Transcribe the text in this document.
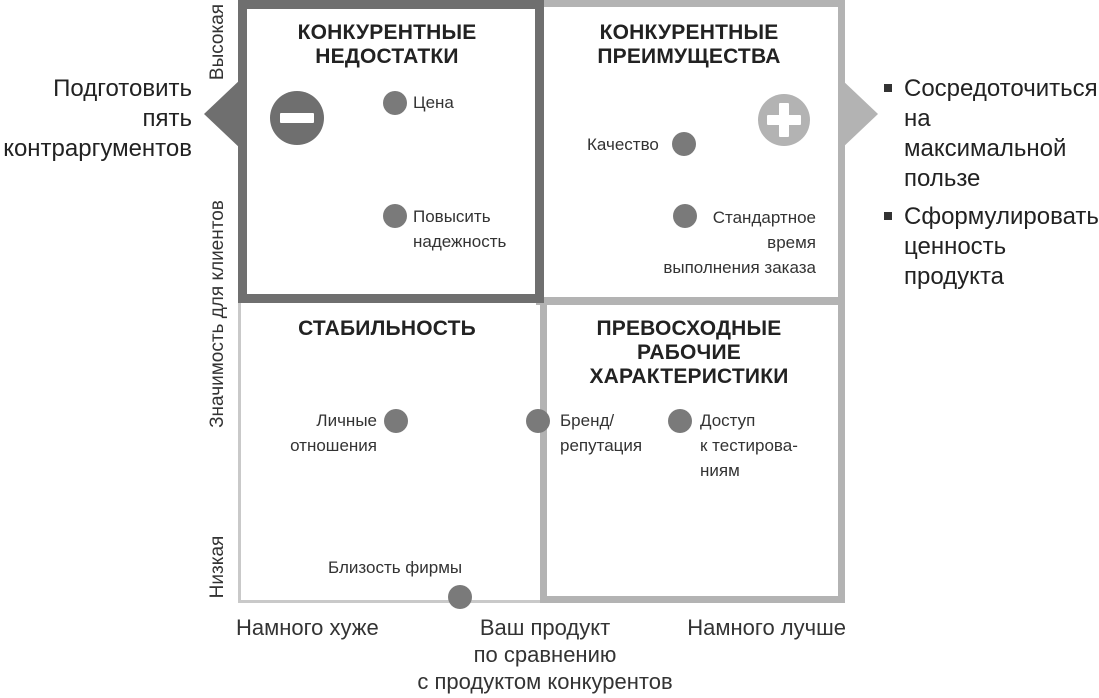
КОНКУРЕНТНЫЕ
НЕДОСТАТКИ
КОНКУРЕНТНЫЕ
ПРЕИМУЩЕСТВА
СТАБИЛЬНОСТЬ	ПРЕВОСХОДНЫЕ
РАБОЧИЕ
ХАРАКТЕРИСТИКИ
Цена
Повысить
надежность
Качество
Стандартное
время
выполнения заказа
Личные
отношения
Бренд/
репутация
Доступ
к тестирова-
ниям
Близость фирмы
Высокая
Значимость для клиентов
Низкая
Намного хуже	Ваш продукт
по сравнению
с продуктом конкурентов
Намного лучше
Подготовить
пять
контраргументов
Сосредоточиться
на максимальной
пользе
Сформулировать
ценность
продукта
